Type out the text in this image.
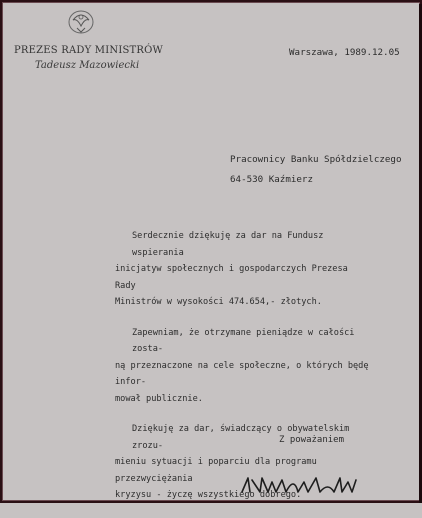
PREZES RADY MINISTRÓW
Tadeusz Mazowiecki
Warszawa, 1989.12.05
Pracownicy Banku Spółdzielczego
64-530 Kaźmierz
Serdecznie dziękuję za dar na Fundusz wspierania
inicjatyw społecznych i gospodarczych Prezesa Rady
Ministrów w wysokości 474.654,- złotych.
Zapewniam, że otrzymane pieniądze w całości zosta-
ną przeznaczone na cele społeczne, o których będę infor-
mował publicznie.
Dziękuję za dar, świadczący o obywatelskim zrozu-
mieniu sytuacji i poparciu dla programu przezwyciężania
kryzysu - życzę wszystkiego dobrego.
Z poważaniem
